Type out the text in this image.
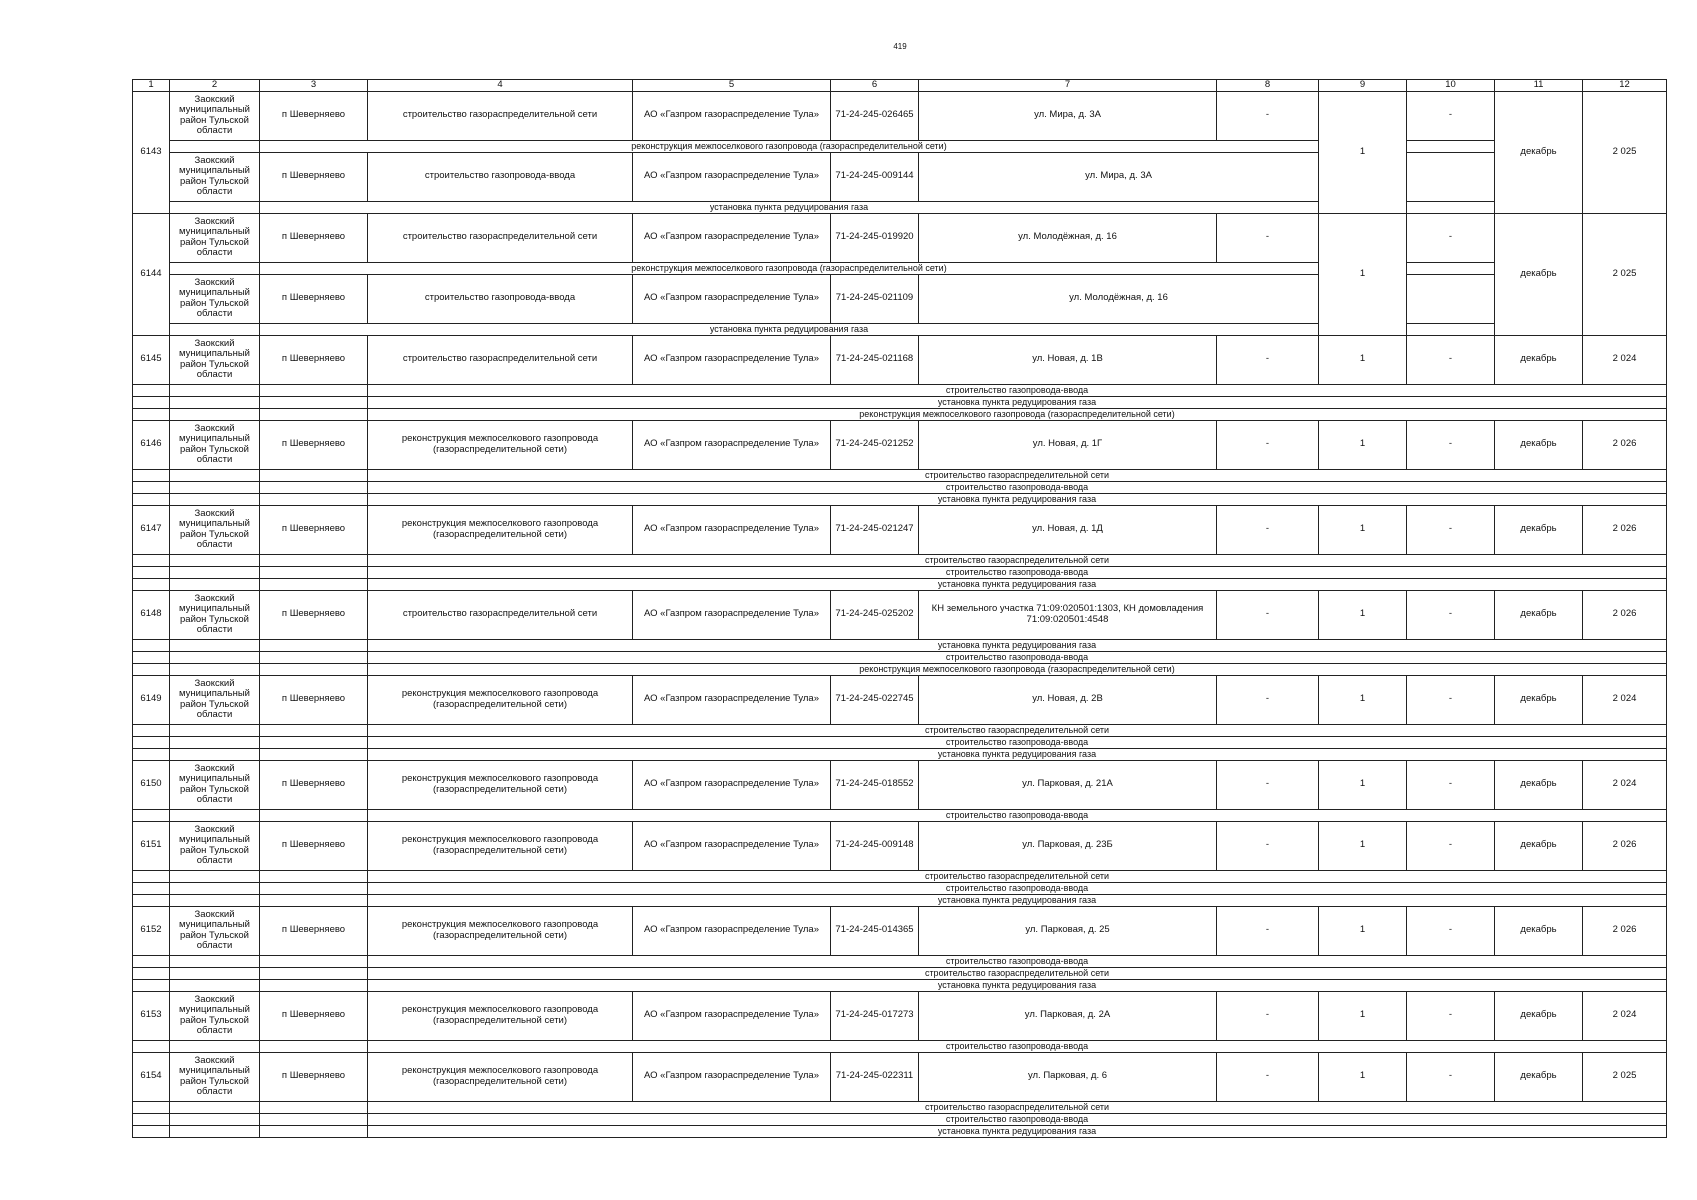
419
1	2	3	4	5	6	7	8	9	10	11	12
6143	Заокский муниципальный район Тульской области	п Шеверняево	строительство газораспределительной сети	АО «Газпром газораспределение Тула»	71-24-245-026465	ул. Мира, д. 3А	-	1	-	декабрь	2 025
		реконструкция межпоселкового газопровода (газораспределительной сети)									
	Заокский муниципальный район Тульской области	п Шеверняево	строительство газопровода-ввода	АО «Газпром газораспределение Тула»	71-24-245-009144	ул. Мира, д. 3А					
		установка пункта редуцирования газа									
6144	Заокский муниципальный район Тульской области	п Шеверняево	строительство газораспределительной сети	АО «Газпром газораспределение Тула»	71-24-245-019920	ул. Молодёжная, д. 16	-	1	-	декабрь	2 025
		реконструкция межпоселкового газопровода (газораспределительной сети)									
	Заокский муниципальный район Тульской области	п Шеверняево	строительство газопровода-ввода	АО «Газпром газораспределение Тула»	71-24-245-021109	ул. Молодёжная, д. 16					
		установка пункта редуцирования газа									
6145	Заокский муниципальный район Тульской области	п Шеверняево	строительство газораспределительной сети	АО «Газпром газораспределение Тула»	71-24-245-021168	ул. Новая, д. 1В	-	1	-	декабрь	2 024
			строительство газопровода-ввода								
			установка пункта редуцирования газа								
			реконструкция межпоселкового газопровода (газораспределительной сети)								
6146	Заокский муниципальный район Тульской области	п Шеверняево	реконструкция межпоселкового газопровода (газораспределительной сети)	АО «Газпром газораспределение Тула»	71-24-245-021252	ул. Новая, д. 1Г	-	1	-	декабрь	2 026
			строительство газораспределительной сети								
			строительство газопровода-ввода								
			установка пункта редуцирования газа								
6147	Заокский муниципальный район Тульской области	п Шеверняево	реконструкция межпоселкового газопровода (газораспределительной сети)	АО «Газпром газораспределение Тула»	71-24-245-021247	ул. Новая, д. 1Д	-	1	-	декабрь	2 026
			строительство газораспределительной сети								
			строительство газопровода-ввода								
			установка пункта редуцирования газа								
6148	Заокский муниципальный район Тульской области	п Шеверняево	строительство газораспределительной сети	АО «Газпром газораспределение Тула»	71-24-245-025202	КН земельного участка 71:09:020501:1303, КН домовладения 71:09:020501:4548	-	1	-	декабрь	2 026
			установка пункта редуцирования газа								
			строительство газопровода-ввода								
			реконструкция межпоселкового газопровода (газораспределительной сети)								
6149	Заокский муниципальный район Тульской области	п Шеверняево	реконструкция межпоселкового газопровода (газораспределительной сети)	АО «Газпром газораспределение Тула»	71-24-245-022745	ул. Новая, д. 2В	-	1	-	декабрь	2 024
			строительство газораспределительной сети								
			строительство газопровода-ввода								
			установка пункта редуцирования газа								
6150	Заокский муниципальный район Тульской области	п Шеверняево	реконструкция межпоселкового газопровода (газораспределительной сети)	АО «Газпром газораспределение Тула»	71-24-245-018552	ул. Парковая, д. 21А	-	1	-	декабрь	2 024
			строительство газопровода-ввода								
6151	Заокский муниципальный район Тульской области	п Шеверняево	реконструкция межпоселкового газопровода (газораспределительной сети)	АО «Газпром газораспределение Тула»	71-24-245-009148	ул. Парковая, д. 23Б	-	1	-	декабрь	2 026
			строительство газораспределительной сети								
			строительство газопровода-ввода								
			установка пункта редуцирования газа								
6152	Заокский муниципальный район Тульской области	п Шеверняево	реконструкция межпоселкового газопровода (газораспределительной сети)	АО «Газпром газораспределение Тула»	71-24-245-014365	ул. Парковая, д. 25	-	1	-	декабрь	2 026
			строительство газопровода-ввода								
			строительство газораспределительной сети								
			установка пункта редуцирования газа								
6153	Заокский муниципальный район Тульской области	п Шеверняево	реконструкция межпоселкового газопровода (газораспределительной сети)	АО «Газпром газораспределение Тула»	71-24-245-017273	ул. Парковая, д. 2А	-	1	-	декабрь	2 024
			строительство газопровода-ввода								
6154	Заокский муниципальный район Тульской области	п Шеверняево	реконструкция межпоселкового газопровода (газораспределительной сети)	АО «Газпром газораспределение Тула»	71-24-245-022311	ул. Парковая, д. 6	-	1	-	декабрь	2 025
			строительство газораспределительной сети								
			строительство газопровода-ввода								
			установка пункта редуцирования газа								
